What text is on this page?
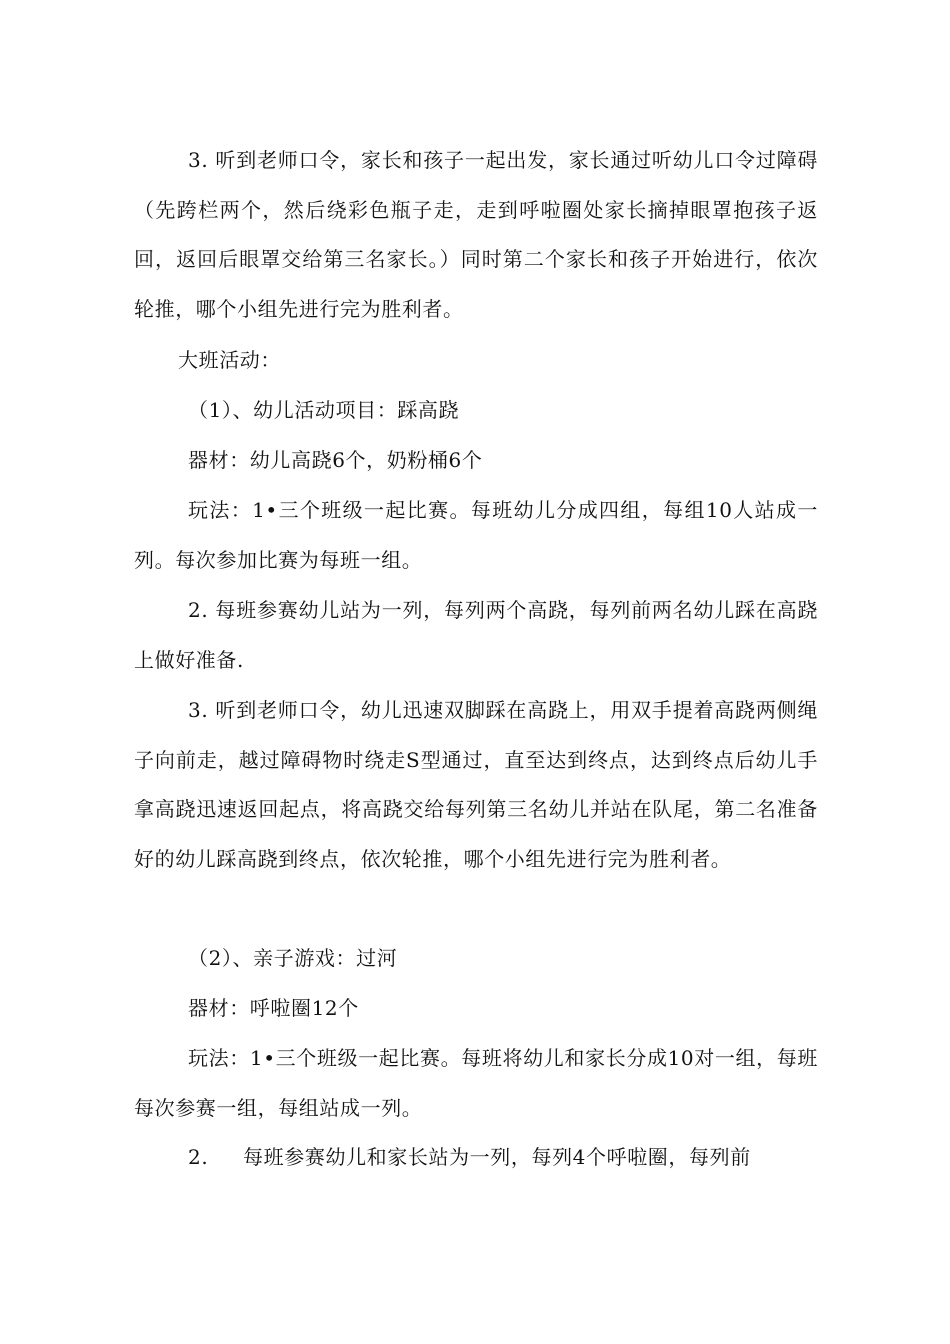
3. 听到老师口令，家长和孩子一起出发，家长通过听幼儿口令过障碍（先跨栏两个，然后绕彩色瓶子走，走到呼啦圈处家长摘掉眼罩抱孩子返回，返回后眼罩交给第三名家长。）同时第二个家长和孩子开始进行，依次轮推，哪个小组先进行完为胜利者。

大班活动：

（1）、幼儿活动项目：踩高跷

器材：幼儿高跷6个，奶粉桶6个

玩法：1•三个班级一起比赛。每班幼儿分成四组，每组10人站成一列。每次参加比赛为每班一组。

2. 每班参赛幼儿站为一列，每列两个高跷，每列前两名幼儿踩在高跷上做好准备.

3. 听到老师口令，幼儿迅速双脚踩在高跷上，用双手提着高跷两侧绳子向前走，越过障碍物时绕走S型通过，直至达到终点，达到终点后幼儿手拿高跷迅速返回起点，将高跷交给每列第三名幼儿并站在队尾，第二名准备好的幼儿踩高跷到终点，依次轮推，哪个小组先进行完为胜利者。

（2）、亲子游戏：过河

器材：呼啦圈12个

玩法：1•三个班级一起比赛。每班将幼儿和家长分成10对一组，每班每次参赛一组，每组站成一列。

2.     每班参赛幼儿和家长站为一列，每列4个呼啦圈，每列前
